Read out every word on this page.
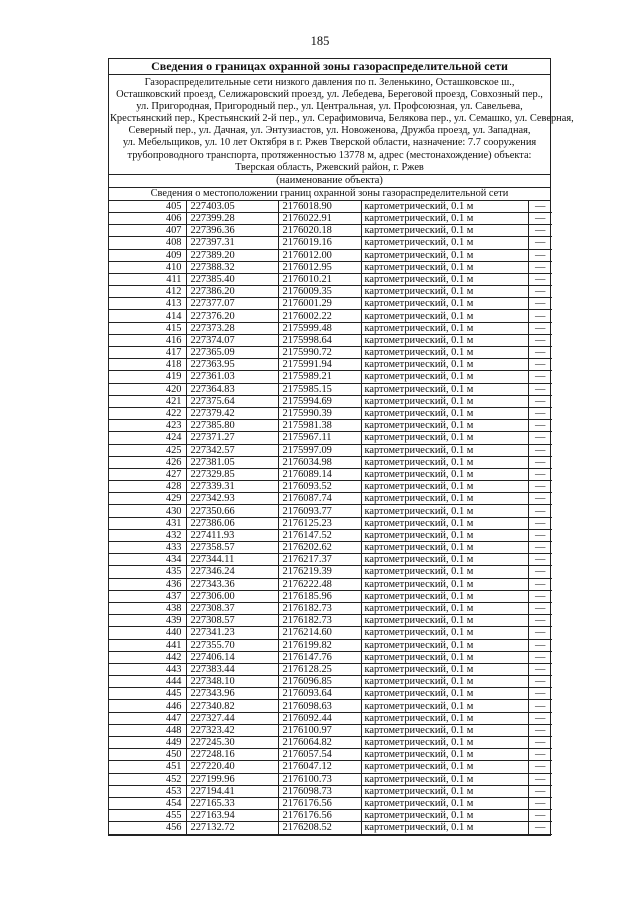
185
Сведения о границах охранной зоны газораспределительной сети
Газораспределительные сети низкого давления по п. Зеленькино, Осташковское ш.,
Осташковский проезд, Селижаровский проезд, ул. Лебедева, Береговой проезд, Совхозный пер.,
ул. Пригородная, Пригородный пер., ул. Центральная, ул. Профсоюзная, ул. Савельева,
Крестьянский пер., Крестьянский 2-й пер., ул. Серафимовича, Белякова пер., ул. Семашко, ул. Северная,
Северный пер., ул. Дачная, ул. Энтузиастов, ул. Новоженова, Дружба проезд, ул. Западная,
ул. Мебельщиков, ул. 10 лет Октября в г. Ржев Тверской области, назначение: 7.7 сооружения
трубопроводного транспорта, протяженностью 13778 м, адрес (местонахождение) объекта:
Тверская область, Ржевский район, г. Ржев
(наименование объекта)
Сведения о местоположении границ охранной зоны газораспределительной сети
405	227403.05	2176018.90	картометрический, 0.1 м	—
406	227399.28	2176022.91	картометрический, 0.1 м	—
407	227396.36	2176020.18	картометрический, 0.1 м	—
408	227397.31	2176019.16	картометрический, 0.1 м	—
409	227389.20	2176012.00	картометрический, 0.1 м	—
410	227388.32	2176012.95	картометрический, 0.1 м	—
411	227385.40	2176010.21	картометрический, 0.1 м	—
412	227386.20	2176009.35	картометрический, 0.1 м	—
413	227377.07	2176001.29	картометрический, 0.1 м	—
414	227376.20	2176002.22	картометрический, 0.1 м	—
415	227373.28	2175999.48	картометрический, 0.1 м	—
416	227374.07	2175998.64	картометрический, 0.1 м	—
417	227365.09	2175990.72	картометрический, 0.1 м	—
418	227363.95	2175991.94	картометрический, 0.1 м	—
419	227361.03	2175989.21	картометрический, 0.1 м	—
420	227364.83	2175985.15	картометрический, 0.1 м	—
421	227375.64	2175994.69	картометрический, 0.1 м	—
422	227379.42	2175990.39	картометрический, 0.1 м	—
423	227385.80	2175981.38	картометрический, 0.1 м	—
424	227371.27	2175967.11	картометрический, 0.1 м	—
425	227342.57	2175997.09	картометрический, 0.1 м	—
426	227381.05	2176034.98	картометрический, 0.1 м	—
427	227329.85	2176089.14	картометрический, 0.1 м	—
428	227339.31	2176093.52	картометрический, 0.1 м	—
429	227342.93	2176087.74	картометрический, 0.1 м	—
430	227350.66	2176093.77	картометрический, 0.1 м	—
431	227386.06	2176125.23	картометрический, 0.1 м	—
432	227411.93	2176147.52	картометрический, 0.1 м	—
433	227358.57	2176202.62	картометрический, 0.1 м	—
434	227344.11	2176217.37	картометрический, 0.1 м	—
435	227346.24	2176219.39	картометрический, 0.1 м	—
436	227343.36	2176222.48	картометрический, 0.1 м	—
437	227306.00	2176185.96	картометрический, 0.1 м	—
438	227308.37	2176182.73	картометрический, 0.1 м	—
439	227308.57	2176182.73	картометрический, 0.1 м	—
440	227341.23	2176214.60	картометрический, 0.1 м	—
441	227355.70	2176199.82	картометрический, 0.1 м	—
442	227406.14	2176147.76	картометрический, 0.1 м	—
443	227383.44	2176128.25	картометрический, 0.1 м	—
444	227348.10	2176096.85	картометрический, 0.1 м	—
445	227343.96	2176093.64	картометрический, 0.1 м	—
446	227340.82	2176098.63	картометрический, 0.1 м	—
447	227327.44	2176092.44	картометрический, 0.1 м	—
448	227323.42	2176100.97	картометрический, 0.1 м	—
449	227245.30	2176064.82	картометрический, 0.1 м	—
450	227248.16	2176057.54	картометрический, 0.1 м	—
451	227220.40	2176047.12	картометрический, 0.1 м	—
452	227199.96	2176100.73	картометрический, 0.1 м	—
453	227194.41	2176098.73	картометрический, 0.1 м	—
454	227165.33	2176176.56	картометрический, 0.1 м	—
455	227163.94	2176176.56	картометрический, 0.1 м	—
456	227132.72	2176208.52	картометрический, 0.1 м	—
